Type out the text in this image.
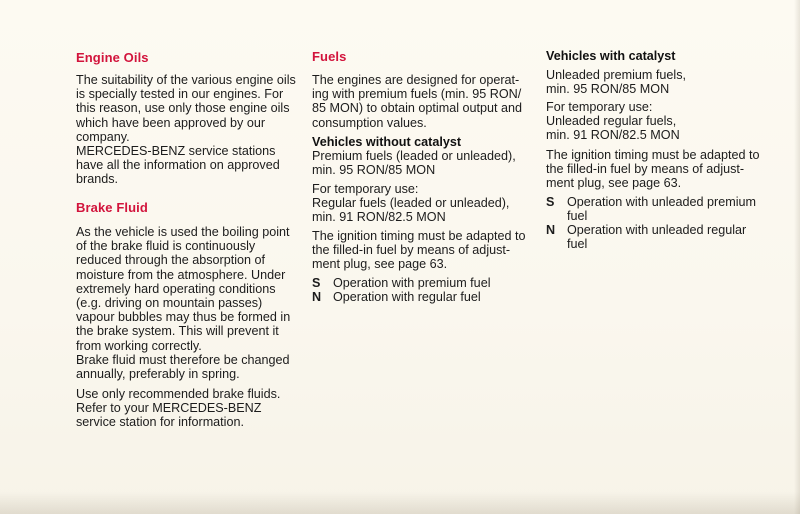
Engine Oils

The suitability of the various engine oils
is specially tested in our engines. For
this reason, use only those engine oils
which have been approved by our
company.

MERCEDES-BENZ service stations
have all the information on approved
brands.

Brake Fluid

As the vehicle is used the boiling point
of the brake fluid is continuously
reduced through the absorption of
moisture from the atmosphere. Under
extremely hard operating conditions
(e.g. driving on mountain passes)
vapour bubbles may thus be formed in
the brake system. This will prevent it
from working correctly.

Brake fluid must therefore be changed
annually, preferably in spring.

Use only recommended brake fluids.
Refer to your MERCEDES-BENZ
service station for information.

Fuels

The engines are designed for operat-
ing with premium fuels (min. 95 RON/
85 MON) to obtain optimal output and
consumption values.

Vehicles without catalyst

Premium fuels (leaded or unleaded),
min. 95 RON/85 MON

For temporary use:
Regular fuels (leaded or unleaded),
min. 91 RON/82.5 MON

The ignition timing must be adapted to
the filled-in fuel by means of adjust-
ment plug, see page 63.

S Operation with premium fuel
N Operation with regular fuel
Vehicles with catalyst

Unleaded premium fuels,
min. 95 RON/85 MON

For temporary use:
Unleaded regular fuels,
min. 91 RON/82.5 MON

The ignition timing must be adapted to
the filled-in fuel by means of adjust-
ment plug, see page 63.

S Operation with unleaded premium
fuel
N Operation with unleaded regular
fuel
